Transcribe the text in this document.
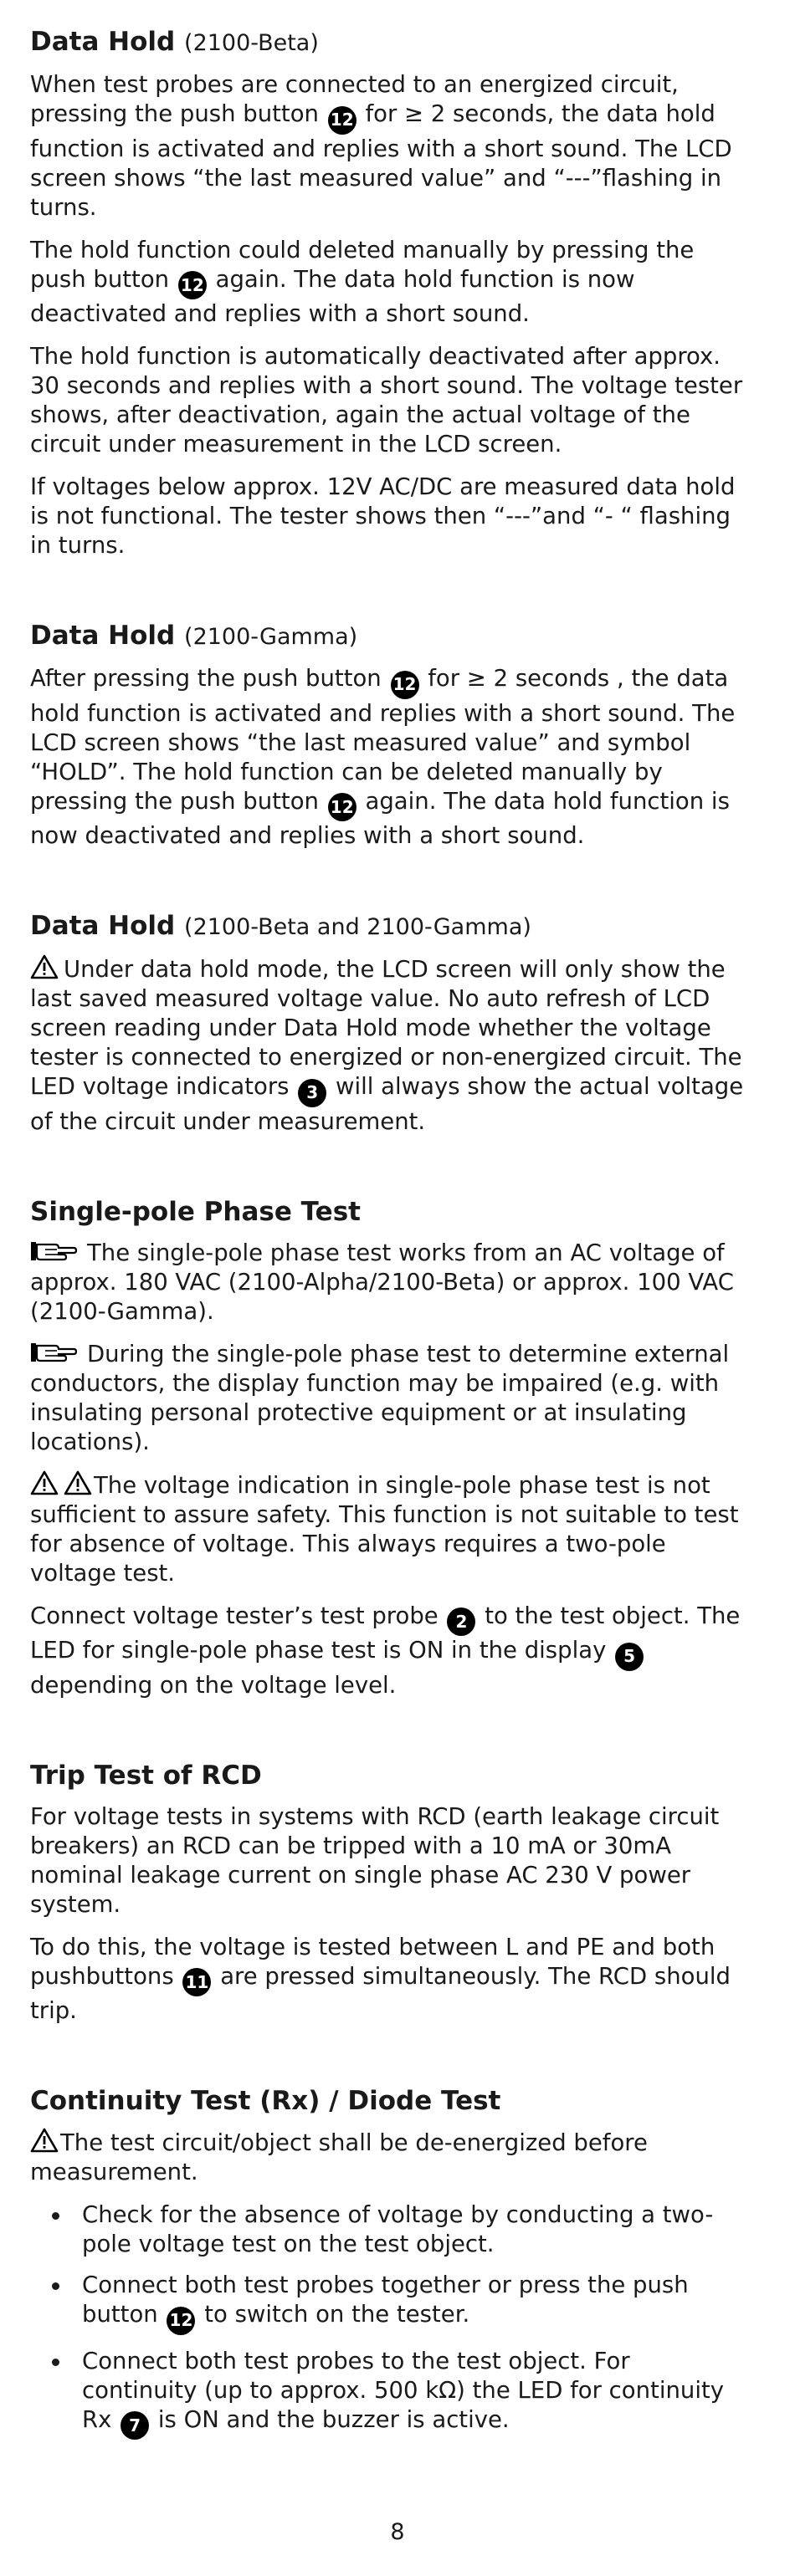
Data Hold (2100-Beta)

When test probes are connected to an energized circuit, pressing the push button 12 for ≥ 2 seconds, the data hold function is activated and replies with a short sound. The LCD screen shows “the last measured value” and “---”flashing in turns.

The hold function could deleted manually by pressing the push button 12 again. The data hold function is now deactivated and replies with a short sound.

The hold function is automatically deactivated after approx. 30 seconds and replies with a short sound. The voltage tester shows, after deactivation, again the actual voltage of the circuit under measurement in the LCD screen.

If voltages below approx. 12V AC/DC are measured data hold is not functional. The tester shows then “---”and “- “ flashing in turns.

Data Hold (2100-Gamma)

After pressing the push button 12 for ≥ 2 seconds , the data hold function is activated and replies with a short sound. The LCD screen shows “the last measured value” and symbol “HOLD”. The hold function can be deleted manually by pressing the push button 12 again. The data hold function is now deactivated and replies with a short sound.

Data Hold (2100-Beta and 2100-Gamma)

Under data hold mode, the LCD screen will only show the last saved measured voltage value. No auto refresh of LCD screen reading under Data Hold mode whether the voltage tester is connected to energized or non-energized circuit. The LED voltage indicators 3 will always show the actual voltage of the circuit under measurement.

Single-pole Phase Test

The single-pole phase test works from an AC voltage of approx. 180 VAC (2100-Alpha/2100-Beta) or approx. 100 VAC (2100-Gamma).

During the single-pole phase test to determine external conductors, the display function may be impaired (e.g. with insulating personal protective equipment or at insulating locations).

The voltage indication in single-pole phase test is not sufficient to assure safety. This function is not suitable to test for absence of voltage. This always requires a two-pole voltage test.

Connect voltage tester’s test probe 2 to the test object. The LED for single-pole phase test is ON in the display 5 depending on the voltage level.

Trip Test of RCD

For voltage tests in systems with RCD (earth leakage circuit breakers) an RCD can be tripped with a 10 mA or 30mA nominal leakage current on single phase AC 230 V power system.

To do this, the voltage is tested between L and PE and both pushbuttons 11 are pressed simultaneously. The RCD should trip.

Continuity Test (Rx) / Diode Test

The test circuit/object shall be de-energized before measurement.

Check for the absence of voltage by conducting a two-pole voltage test on the test object.
Connect both test probes together or press the push button 12 to switch on the tester.
Connect both test probes to the test object. For continuity (up to approx. 500 kΩ) the LED for continuity Rx 7 is ON and the buzzer is active.
8
